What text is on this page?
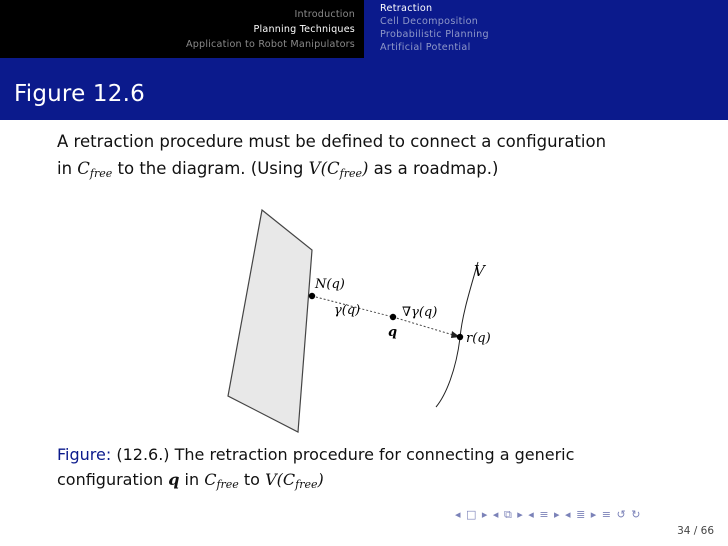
Introduction
Planning Techniques
Application to Robot Manipulators
Retraction
Cell Decomposition
Probabilistic Planning
Artificial Potential
Figure 12.6
A retraction procedure must be defined to connect a configuration
in Cfree to the diagram. (Using V(Cfree) as a roadmap.)
N(q)
γ(q)	∇γ(q)
q	r(q)
V
Figure: (12.6.) The retraction procedure for connecting a generic
configuration q in Cfree to V(Cfree)
◂ □ ▸ ◂ ⧉ ▸ ◂ ≡ ▸ ◂ ≣ ▸ ≡ ↺ ↻
34 / 66
